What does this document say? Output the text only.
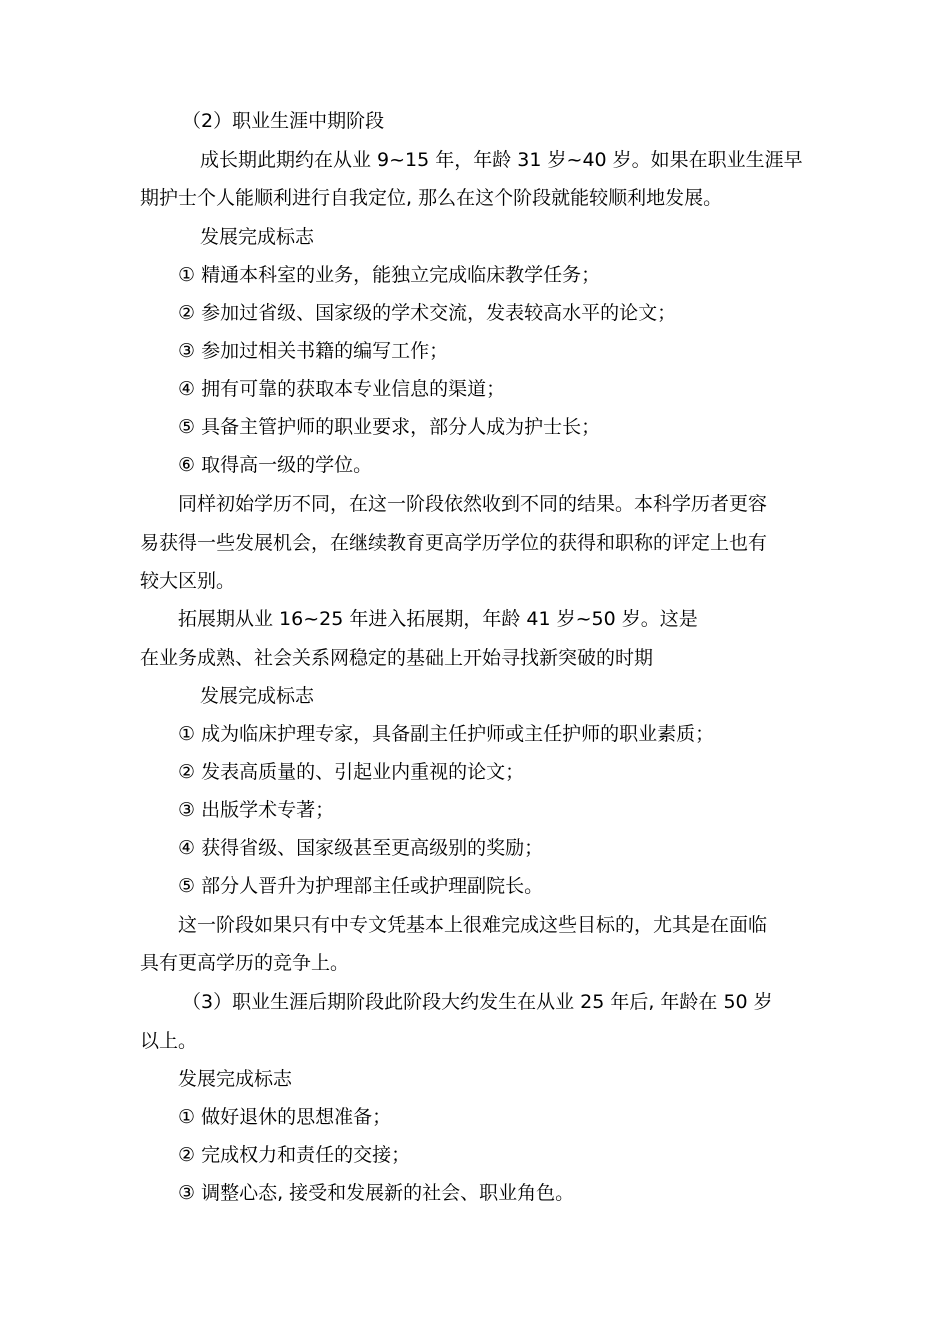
（2）职业生涯中期阶段

成长期此期约在从业 9~15 年，年龄 31 岁~40 岁。如果在职业生涯早

期护士个人能顺利进行自我定位, 那么在这个阶段就能较顺利地发展。

发展完成标志

① 精通本科室的业务，能独立完成临床教学任务；

② 参加过省级、国家级的学术交流，发表较高水平的论文；

③ 参加过相关书籍的编写工作；

④ 拥有可靠的获取本专业信息的渠道；

⑤ 具备主管护师的职业要求，部分人成为护士长；

⑥ 取得高一级的学位。

同样初始学历不同，在这一阶段依然收到不同的结果。本科学历者更容

易获得一些发展机会，在继续教育更高学历学位的获得和职称的评定上也有

较大区别。

拓展期从业 16~25 年进入拓展期，年龄 41 岁~50 岁。这是

在业务成熟、社会关系网稳定的基础上开始寻找新突破的时期

发展完成标志

① 成为临床护理专家，具备副主任护师或主任护师的职业素质；

② 发表高质量的、引起业内重视的论文；

③ 出版学术专著；

④ 获得省级、国家级甚至更高级别的奖励；

⑤ 部分人晋升为护理部主任或护理副院长。

这一阶段如果只有中专文凭基本上很难完成这些目标的，尤其是在面临

具有更高学历的竞争上。

（3）职业生涯后期阶段此阶段大约发生在从业 25 年后, 年龄在 50 岁

以上。

发展完成标志

① 做好退休的思想准备；

② 完成权力和责任的交接；

③ 调整心态, 接受和发展新的社会、职业角色。
